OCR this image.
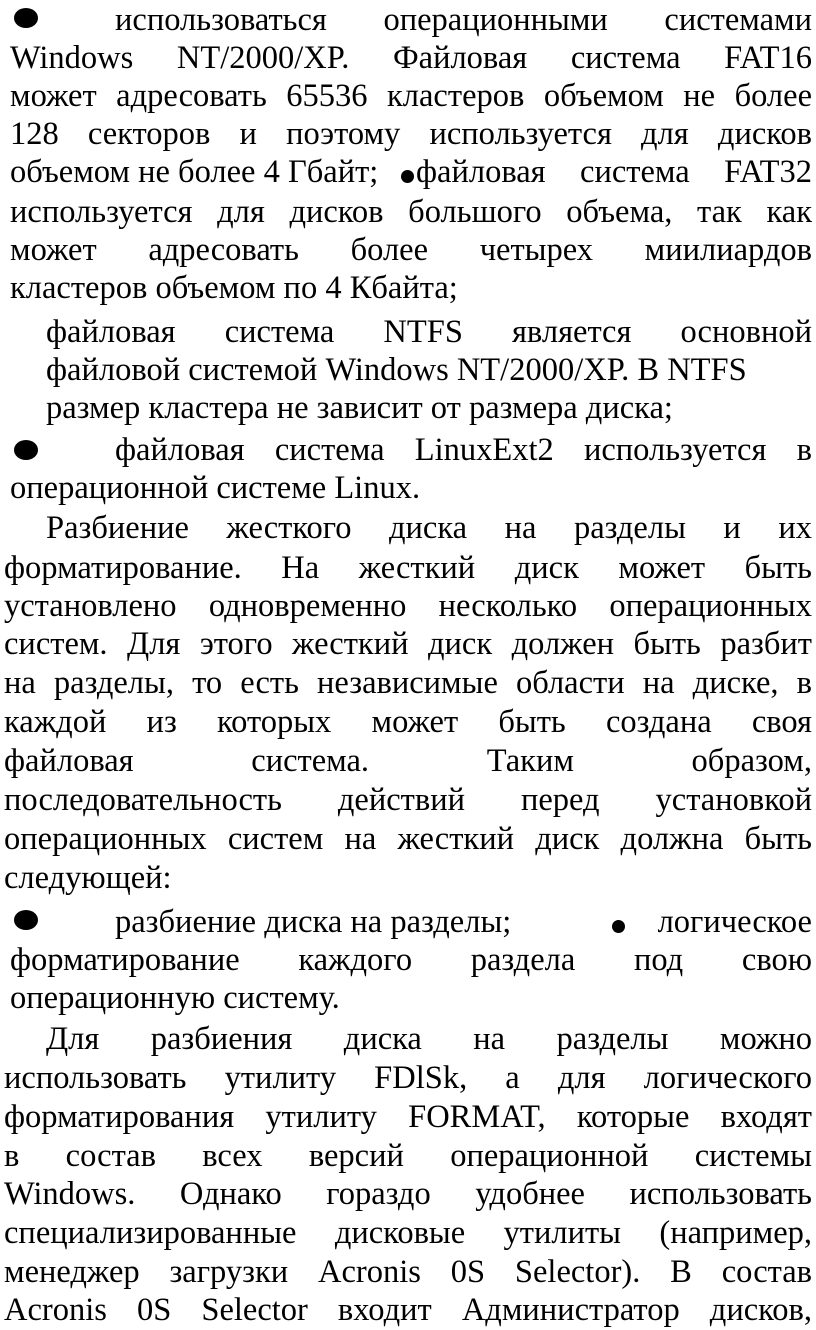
использоваться операционными системами
Windows NT/2000/XP. Файловая система FAT16
может адресовать 65536 кластеров объемом не более
128 секторов и поэтому используется для дисков
объемом не более 4 Гбайт;	файловая система FAT32
используется для дисков большого объема, так как
может адресовать более четырех миилиардов
кластеров объемом по 4 Кбайта;
файловая система NTFS является основной
файловой системой Windows NT/2000/XP. В NTFS
размер кластера не зависит от размера диска;
файловая система LinuxExt2 используется в
операционной системе Linux.
Разбиение жесткого диска на разделы и их
форматирование. На жесткий диск может быть
установлено одновременно несколько операционных
систем. Для этого жесткий диск должен быть разбит
на разделы, то есть независимые области на диске, в
каждой из которых может быть создана своя
файловая система. Таким образом,
последовательность действий перед установкой
операционных систем на жесткий диск должна быть
следующей:
разбиение диска на разделы;	логическое
форматирование каждого раздела под свою
операционную систему.
Для разбиения диска на разделы можно
использовать утилиту FDlSk, а для логического
форматирования утилиту FORMAT, которые входят
в состав всех версий операционной системы
Windows. Однако гораздо удобнее использовать
специализированные дисковые утилиты (например,
менеджер загрузки Acronis 0S Selector). В состав
Acronis 0S Selector входит Администратор дисков,
